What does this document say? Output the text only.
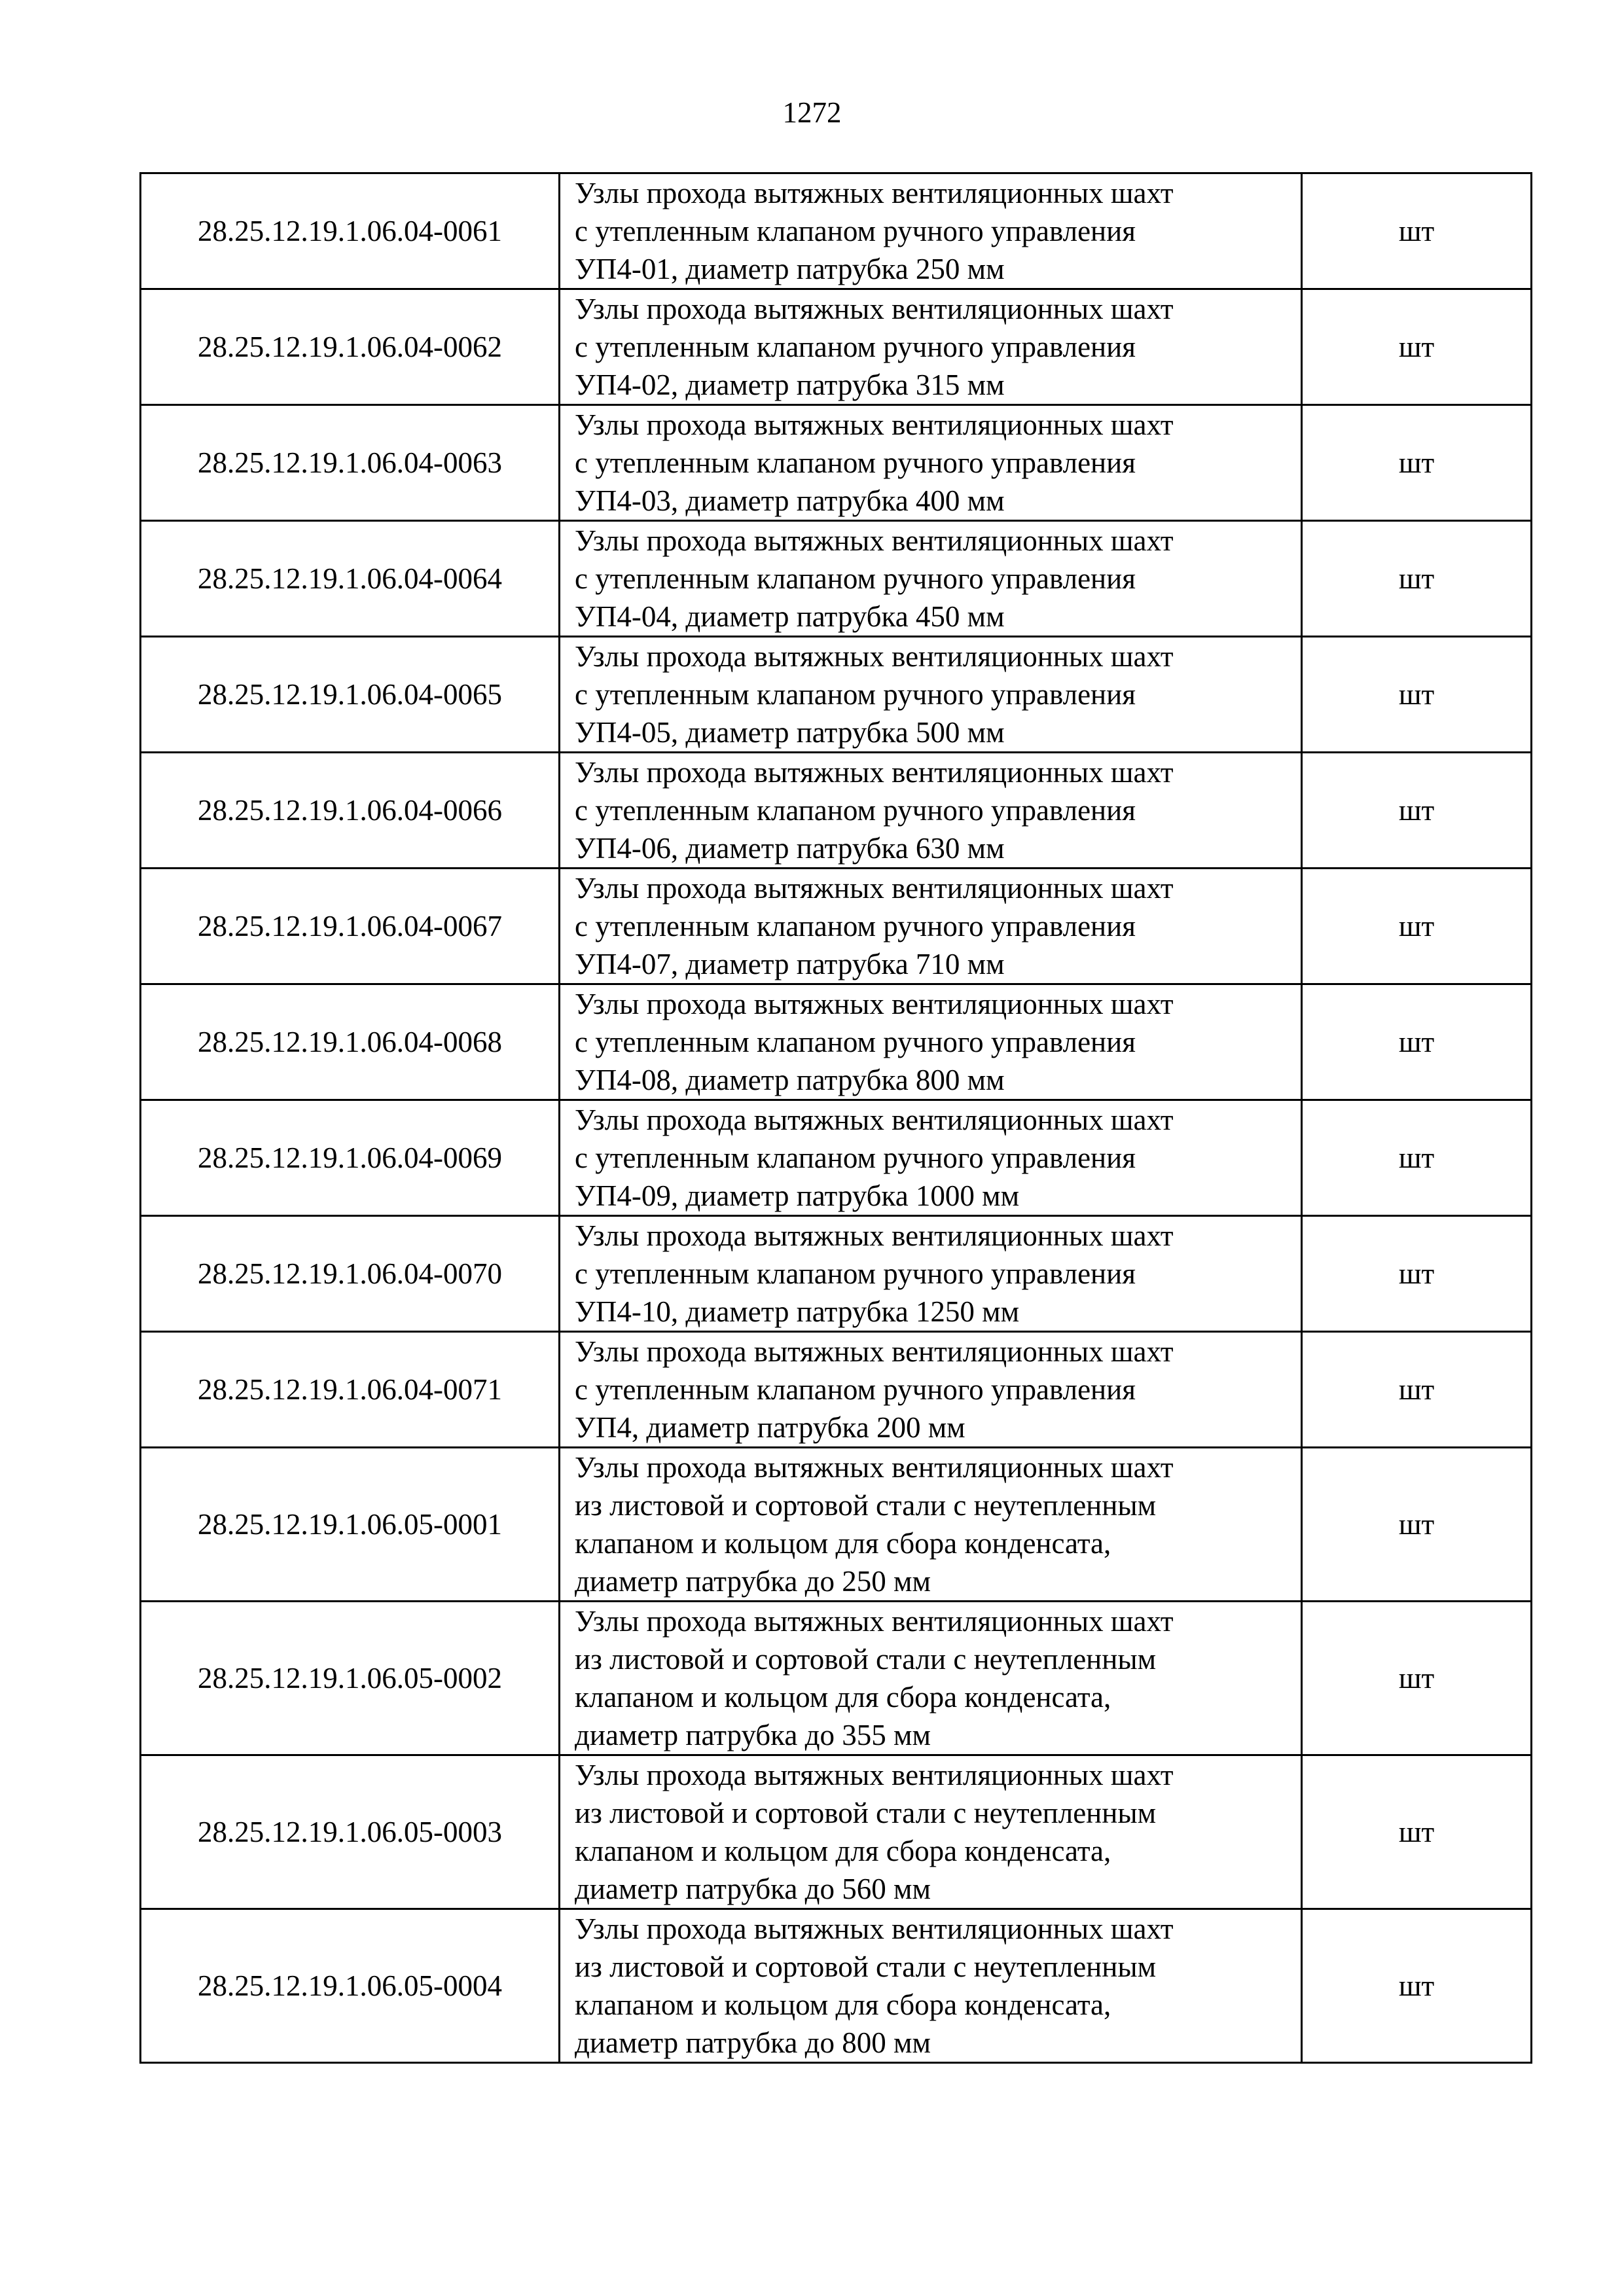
1272
28.25.12.19.1.06.04-0061	Узлы прохода вытяжных вентиляционных шахт
с утепленным клапаном ручного управления
УП4-01, диаметр патрубка 250 мм	шт
28.25.12.19.1.06.04-0062	Узлы прохода вытяжных вентиляционных шахт
с утепленным клапаном ручного управления
УП4-02, диаметр патрубка 315 мм	шт
28.25.12.19.1.06.04-0063	Узлы прохода вытяжных вентиляционных шахт
с утепленным клапаном ручного управления
УП4-03, диаметр патрубка 400 мм	шт
28.25.12.19.1.06.04-0064	Узлы прохода вытяжных вентиляционных шахт
с утепленным клапаном ручного управления
УП4-04, диаметр патрубка 450 мм	шт
28.25.12.19.1.06.04-0065	Узлы прохода вытяжных вентиляционных шахт
с утепленным клапаном ручного управления
УП4-05, диаметр патрубка 500 мм	шт
28.25.12.19.1.06.04-0066	Узлы прохода вытяжных вентиляционных шахт
с утепленным клапаном ручного управления
УП4-06, диаметр патрубка 630 мм	шт
28.25.12.19.1.06.04-0067	Узлы прохода вытяжных вентиляционных шахт
с утепленным клапаном ручного управления
УП4-07, диаметр патрубка 710 мм	шт
28.25.12.19.1.06.04-0068	Узлы прохода вытяжных вентиляционных шахт
с утепленным клапаном ручного управления
УП4-08, диаметр патрубка 800 мм	шт
28.25.12.19.1.06.04-0069	Узлы прохода вытяжных вентиляционных шахт
с утепленным клапаном ручного управления
УП4-09, диаметр патрубка 1000 мм	шт
28.25.12.19.1.06.04-0070	Узлы прохода вытяжных вентиляционных шахт
с утепленным клапаном ручного управления
УП4-10, диаметр патрубка 1250 мм	шт
28.25.12.19.1.06.04-0071	Узлы прохода вытяжных вентиляционных шахт
с утепленным клапаном ручного управления
УП4, диаметр патрубка 200 мм	шт
28.25.12.19.1.06.05-0001	Узлы прохода вытяжных вентиляционных шахт
из листовой и сортовой стали с неутепленным
клапаном и кольцом для сбора конденсата,
диаметр патрубка до 250 мм	шт
28.25.12.19.1.06.05-0002	Узлы прохода вытяжных вентиляционных шахт
из листовой и сортовой стали с неутепленным
клапаном и кольцом для сбора конденсата,
диаметр патрубка до 355 мм	шт
28.25.12.19.1.06.05-0003	Узлы прохода вытяжных вентиляционных шахт
из листовой и сортовой стали с неутепленным
клапаном и кольцом для сбора конденсата,
диаметр патрубка до 560 мм	шт
28.25.12.19.1.06.05-0004	Узлы прохода вытяжных вентиляционных шахт
из листовой и сортовой стали с неутепленным
клапаном и кольцом для сбора конденсата,
диаметр патрубка до 800 мм	шт
